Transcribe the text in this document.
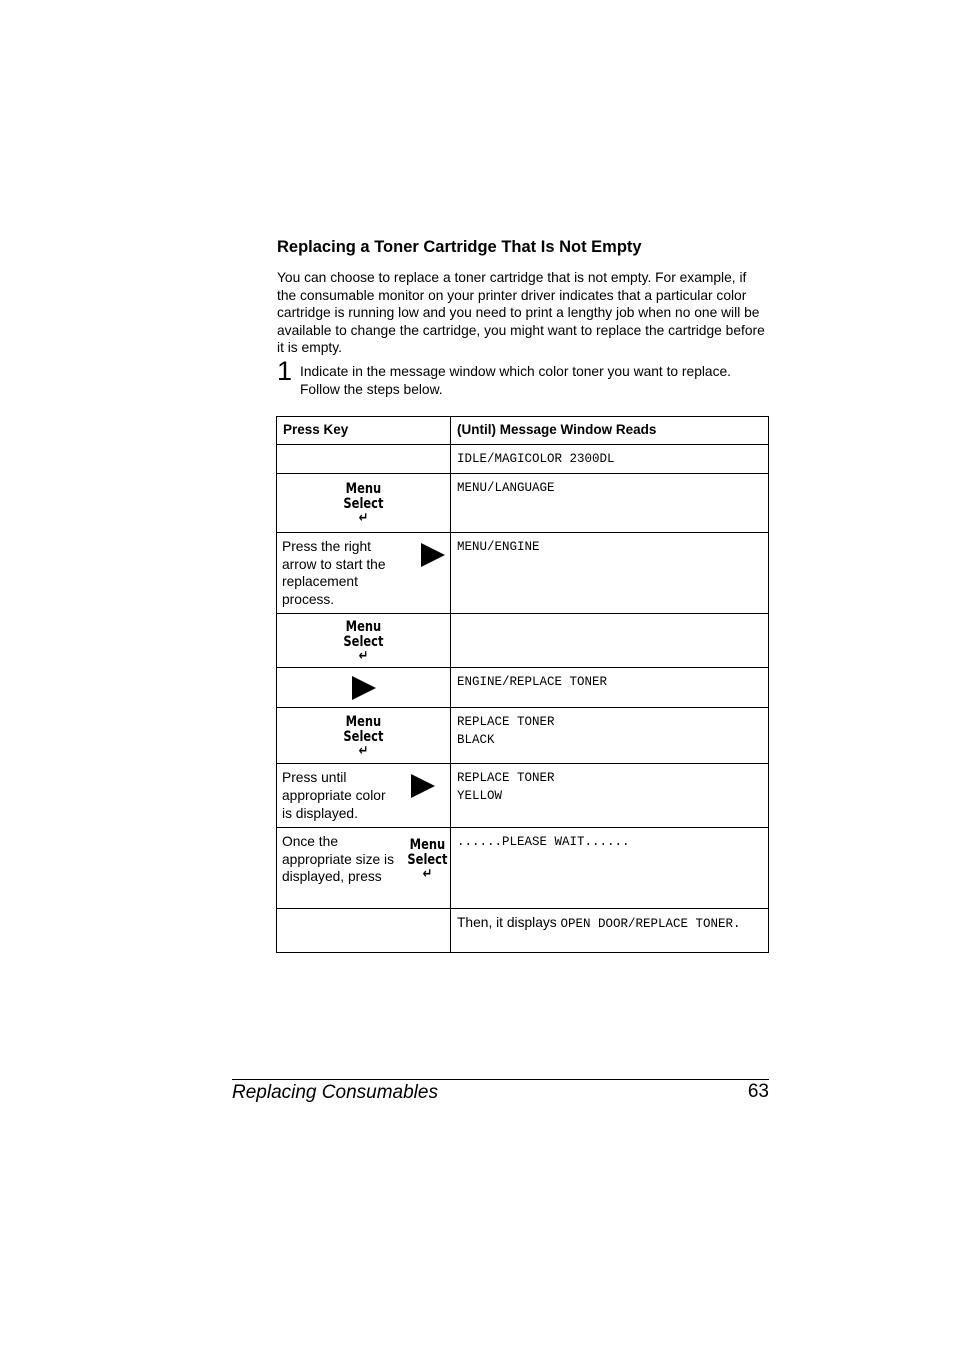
Replacing a Toner Cartridge That Is Not Empty

You can choose to replace a toner cartridge that is not empty. For example, if the consumable monitor on your printer driver indicates that a particular color cartridge is running low and you need to print a lengthy job when no one will be available to change the cartridge, you might want to replace the cartridge before it is empty.

1 Indicate in the message window which color toner you want to replace. Follow the steps below.
Press Key	(Until) Message Window Reads

	IDLE/MAGICOLOR 2300DL

Menu
Select
↵	MENU/LANGUAGE

Press the right arrow to start the replacement process.	MENU/ENGINE

Menu
Select
↵	

	ENGINE/REPLACE TONER

Menu
Select
↵	REPLACE TONER
BLACK

Press until appropriate color is displayed.	REPLACE TONER
YELLOW

Once the appropriate size is displayed, press
Menu
Select
↵	......PLEASE WAIT......

	Then, it displays OPEN DOOR/REPLACE TONER.
Replacing Consumables	63
